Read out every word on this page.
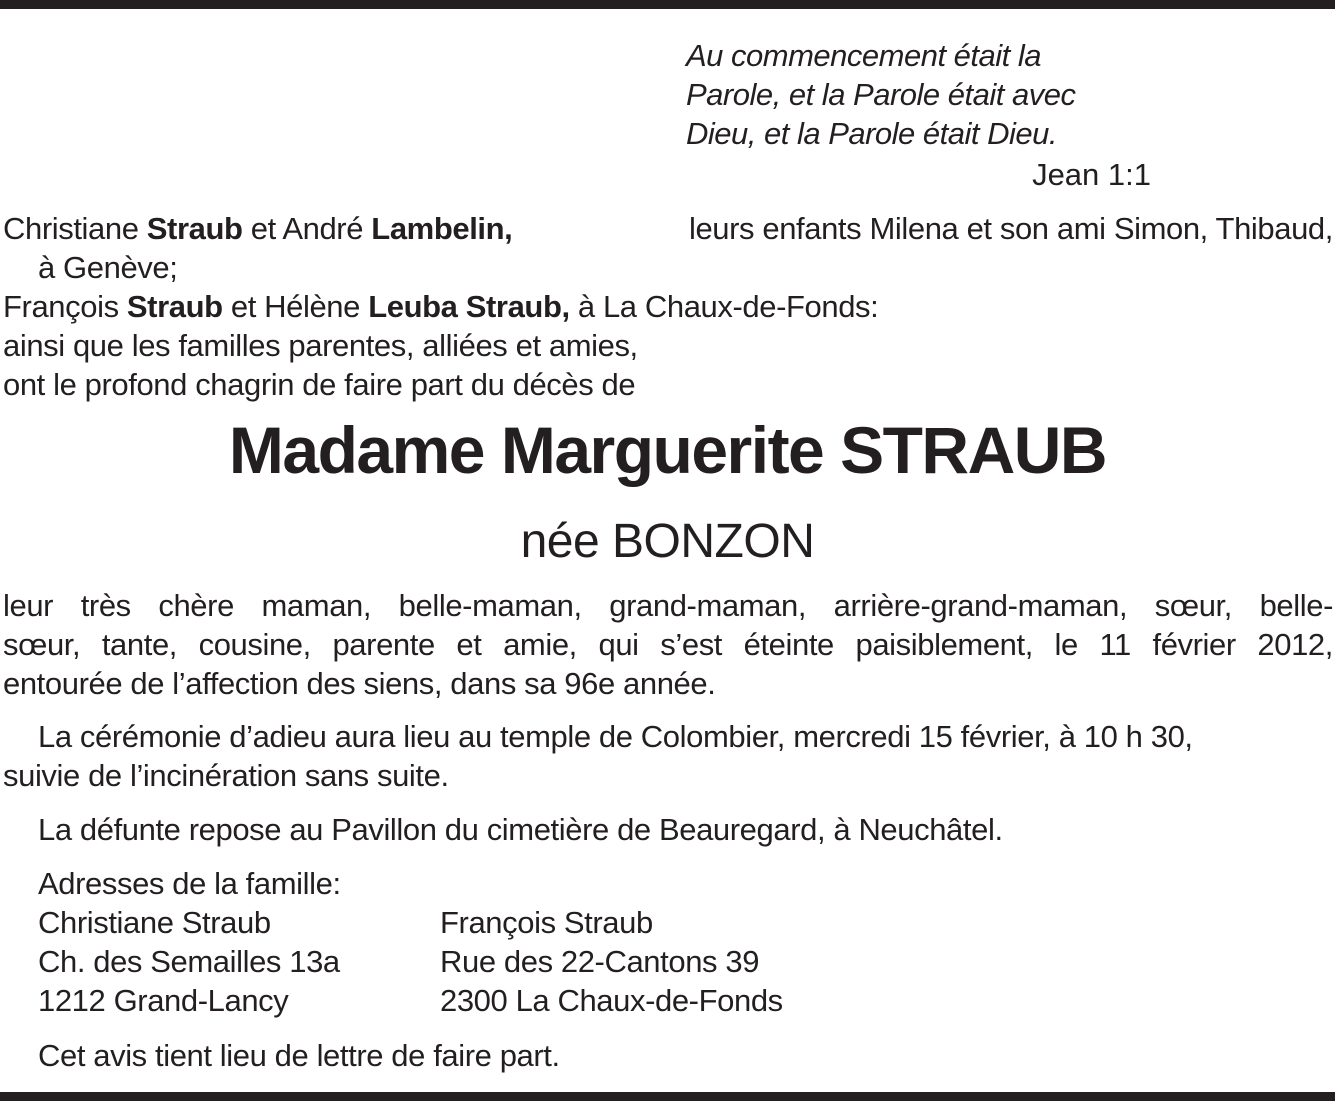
Au commencement était la
Parole, et la Parole était avec
Dieu, et la Parole était Dieu.
Jean 1:1
Christiane Straub et André Lambelin,	leurs enfants Milena et son ami Simon, Thibaud,
à Genève;
François Straub et Hélène Leuba Straub, à La Chaux-de-Fonds:
ainsi que les familles parentes, alliées et amies,
ont le profond chagrin de faire part du décès de
Madame Marguerite STRAUB
née BONZON
leur très chère maman, belle-maman, grand-maman, arrière-grand-maman, sœur, belle-
sœur, tante, cousine, parente et amie, qui s’est éteinte paisiblement, le 11 février 2012,
entourée de l’affection des siens, dans sa 96e année.
La cérémonie d’adieu aura lieu au temple de Colombier, mercredi 15 février, à 10 h 30,
suivie de l’incinération sans suite.
La défunte repose au Pavillon du cimetière de Beauregard, à Neuchâtel.
Adresses de la famille:
Christiane Straub
Ch. des Semailles 13a
1212 Grand-Lancy
François Straub
Rue des 22-Cantons 39
2300 La Chaux-de-Fonds
Cet avis tient lieu de lettre de faire part.
